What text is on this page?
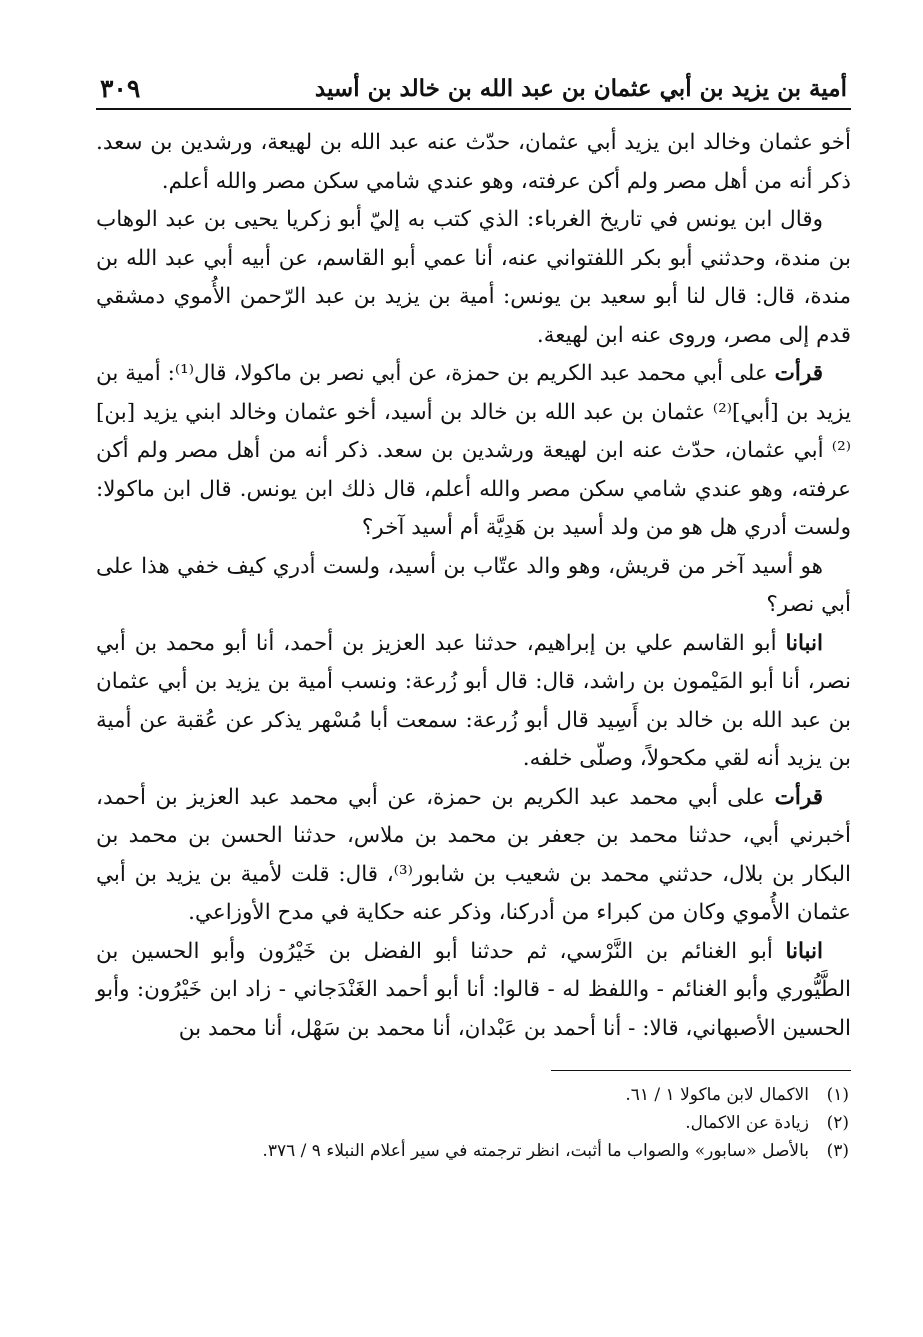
أمية بن يزيد بن أبي عثمان بن عبد الله بن خالد بن أسيد
٣٠٩

أخو عثمان وخالد ابن يزيد أبي عثمان، حدّث عنه عبد الله بن لهيعة، ورشدين بن سعد. ذكر أنه من أهل مصر ولم أكن عرفته، وهو عندي شامي سكن مصر والله أعلم.

وقال ابن يونس في تاريخ الغرباء: الذي كتب به إليّ أبو زكريا يحيى بن عبد الوهاب بن مندة، وحدثني أبو بكر اللفتواني عنه، أنا عمي أبو القاسم، عن أبيه أبي عبد الله بن مندة، قال: قال لنا أبو سعيد بن يونس: أمية بن يزيد بن عبد الرّحمن الأُموي دمشقي قدم إلى مصر، وروى عنه ابن لهيعة.

قرأت على أبي محمد عبد الكريم بن حمزة، عن أبي نصر بن ماكولا، قال⁽¹⁾: أمية بن يزيد بن [أبي]⁽²⁾ عثمان بن عبد الله بن خالد بن أسيد، أخو عثمان وخالد ابني يزيد [بن]⁽²⁾ أبي عثمان، حدّث عنه ابن لهيعة ورشدين بن سعد. ذكر أنه من أهل مصر ولم أكن عرفته، وهو عندي شامي سكن مصر والله أعلم، قال ذلك ابن يونس. قال ابن ماكولا: ولست أدري هل هو من ولد أسيد بن هَدِيَّة أم أسيد آخر؟

هو أسيد آخر من قريش، وهو والد عتّاب بن أسيد، ولست أدري كيف خفي هذا على أبي نصر؟

انبانا أبو القاسم علي بن إبراهيم، حدثنا عبد العزيز بن أحمد، أنا أبو محمد بن أبي نصر، أنا أبو المَيْمون بن راشد، قال: قال أبو زُرعة: ونسب أمية بن يزيد بن أبي عثمان بن عبد الله بن خالد بن أَسِيد قال أبو زُرعة: سمعت أبا مُسْهر يذكر عن عُقبة عن أمية بن يزيد أنه لقي مكحولاً، وصلّى خلفه.

قرأت على أبي محمد عبد الكريم بن حمزة، عن أبي محمد عبد العزيز بن أحمد، أخبرني أبي، حدثنا محمد بن جعفر بن محمد بن ملاس، حدثنا الحسن بن محمد بن البكار بن بلال، حدثني محمد بن شعيب بن شابور⁽³⁾، قال: قلت لأمية بن يزيد بن أبي عثمان الأُموي وكان من كبراء من أدركنا، وذكر عنه حكاية في مدح الأوزاعي.

انبانا أبو الغنائم بن النَّرْسي، ثم حدثنا أبو الفضل بن خَيْرُون وأبو الحسين بن الطَّيُّوري وأبو الغنائم - واللفظ له - قالوا: أنا أبو أحمد الغَنْدَجاني - زاد ابن خَيْرُون: وأبو الحسين الأصبهاني، قالا: - أنا أحمد بن عَبْدان، أنا محمد بن سَهْل، أنا محمد بن

(١)
الاكمال لابن ماكولا ١ / ٦١.
(٢)
زيادة عن الاكمال.
(٣)
بالأصل «سابور» والصواب ما أثبت، انظر ترجمته في سير أعلام النبلاء ٩ / ٣٧٦.
